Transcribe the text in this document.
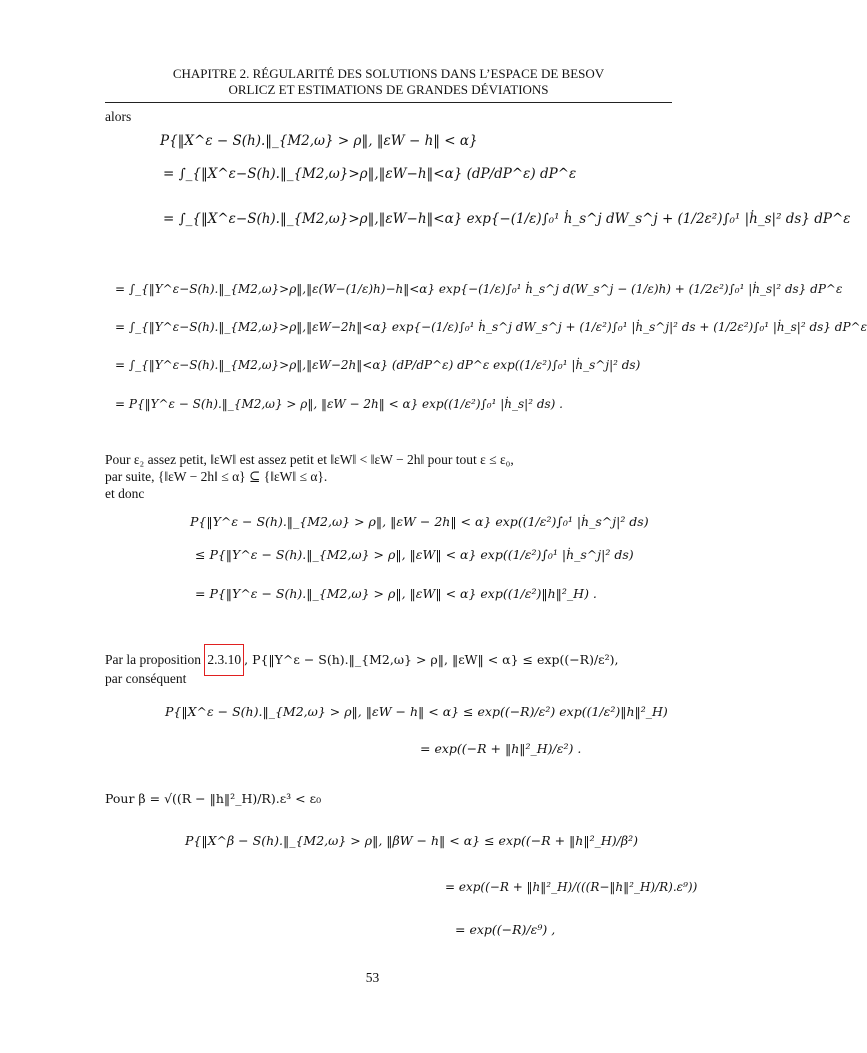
CHAPITRE 2. RÉGULARITÉ DES SOLUTIONS DANS L’ESPACE DE BESOV
ORLICZ ET ESTIMATIONS DE GRANDES DÉVIATIONS
alors
P{‖X^ε − S(h).‖_{M2,ω} > ρ‖, ‖εW − h‖ < α}
= ∫_{‖X^ε−S(h).‖_{M2,ω}>ρ‖,‖εW−h‖<α} (dP/dP^ε) dP^ε
= ∫_{‖X^ε−S(h).‖_{M2,ω}>ρ‖,‖εW−h‖<α} exp{−(1/ε)∫₀¹ ḣ_s^j dW_s^j + (1/2ε²)∫₀¹ |ḣ_s|² ds} dP^ε
= ∫_{‖Y^ε−S(h).‖_{M2,ω}>ρ‖,‖ε(W−(1/ε)h)−h‖<α} exp{−(1/ε)∫₀¹ ḣ_s^j d(W_s^j − (1/ε)h) + (1/2ε²)∫₀¹ |ḣ_s|² ds} dP^ε
= ∫_{‖Y^ε−S(h).‖_{M2,ω}>ρ‖,‖εW−2h‖<α} exp{−(1/ε)∫₀¹ ḣ_s^j dW_s^j + (1/ε²)∫₀¹ |ḣ_s^j|² ds + (1/2ε²)∫₀¹ |ḣ_s|² ds} dP^ε
= ∫_{‖Y^ε−S(h).‖_{M2,ω}>ρ‖,‖εW−2h‖<α} (dP/dP^ε) dP^ε exp((1/ε²)∫₀¹ |ḣ_s^j|² ds)
= P{‖Y^ε − S(h).‖_{M2,ω} > ρ‖, ‖εW − 2h‖ < α} exp((1/ε²)∫₀¹ |ḣ_s|² ds) .
Pour ε₂ assez petit, ‖εW‖ est assez petit et ‖εW‖ < ‖εW − 2h‖ pour tout ε ≤ ε₀,
par suite, {‖εW − 2h‖ ≤ α} ⊆ {‖εW‖ ≤ α}.
et donc
P{‖Y^ε − S(h).‖_{M2,ω} > ρ‖, ‖εW − 2h‖ < α} exp((1/ε²)∫₀¹ |ḣ_s^j|² ds)
≤ P{‖Y^ε − S(h).‖_{M2,ω} > ρ‖, ‖εW‖ < α} exp((1/ε²)∫₀¹ |ḣ_s^j|² ds)
= P{‖Y^ε − S(h).‖_{M2,ω} > ρ‖, ‖εW‖ < α} exp((1/ε²)‖h‖²_H) .
Par la proposition 2.3.10 , P{‖Y^ε − S(h).‖_{M2,ω} > ρ‖, ‖εW‖ < α} ≤ exp((−R)/ε²),
par conséquent
P{‖X^ε − S(h).‖_{M2,ω} > ρ‖, ‖εW − h‖ < α} ≤ exp((−R)/ε²) exp((1/ε²)‖h‖²_H)
= exp((−R + ‖h‖²_H)/ε²) .
Pour β = √((R − ‖h‖²_H)/R).ε³ < ε₀
P{‖X^β − S(h).‖_{M2,ω} > ρ‖, ‖βW − h‖ < α} ≤ exp((−R + ‖h‖²_H)/β²)
= exp((−R + ‖h‖²_H)/(((R−‖h‖²_H)/R).ε⁹))
= exp((−R)/ε⁹) ,
53
